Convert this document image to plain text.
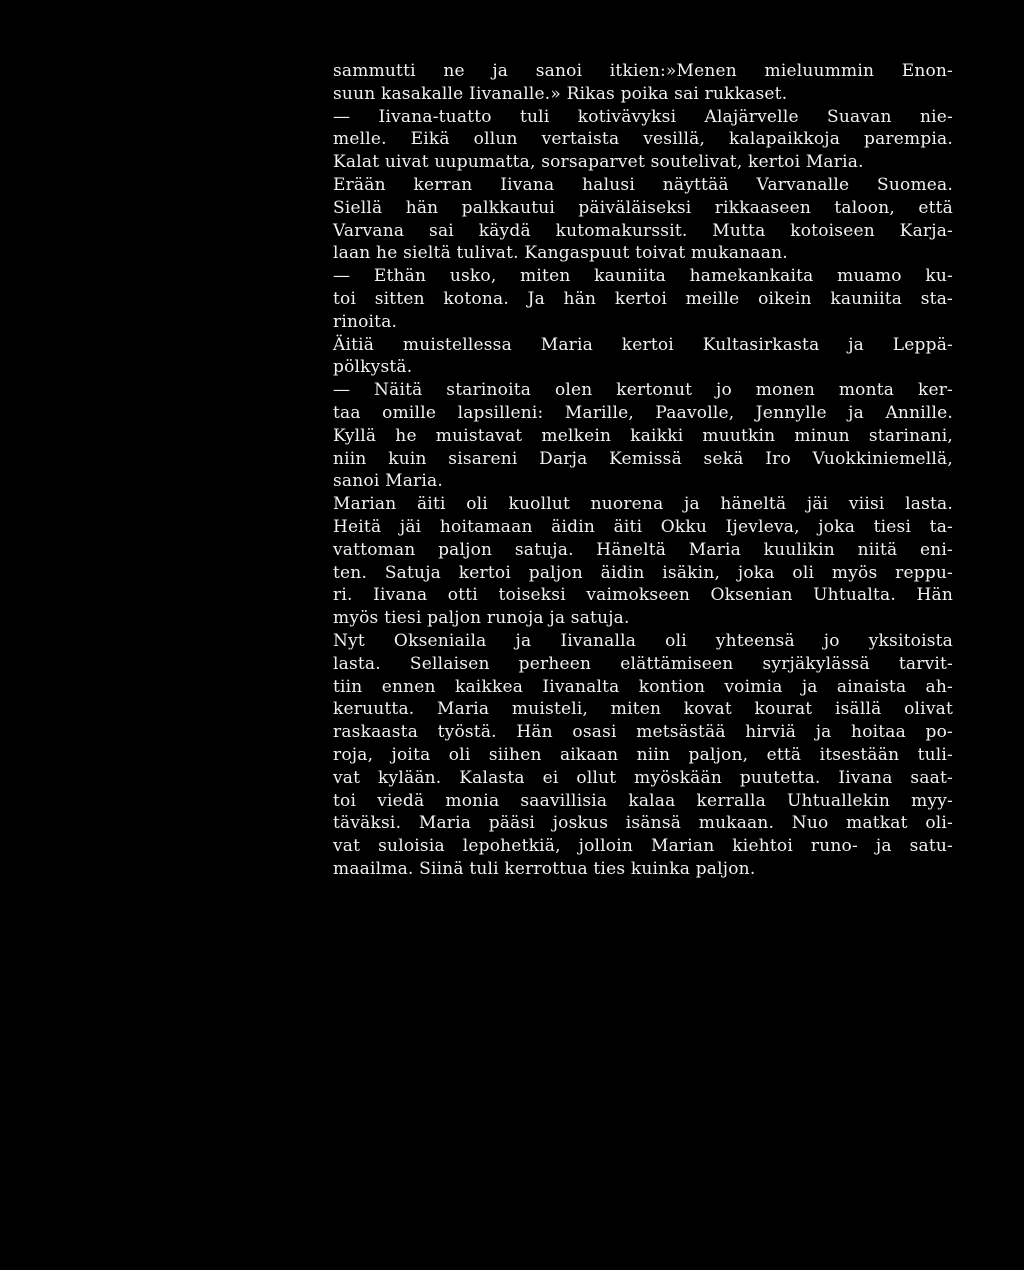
sammutti ne ja sanoi itkien:»Menen mieluummin Enon-
suun kasakalle Iivanalle.» Rikas poika sai rukkaset.
— Iivana-tuatto tuli kotivävyksi Alajärvelle Suavan nie-
melle. Eikä ollun vertaista vesillä, kalapaikkoja parempia.
Kalat uivat uupumatta, sorsaparvet soutelivat, kertoi Maria.
Erään kerran Iivana halusi näyttää Varvanalle Suomea.
Siellä hän palkkautui päiväläiseksi rikkaaseen taloon, että
Varvana sai käydä kutomakurssit. Mutta kotoiseen Karja-
laan he sieltä tulivat. Kangaspuut toivat mukanaan.
— Ethän usko, miten kauniita hamekankaita muamo ku-
toi sitten kotona. Ja hän kertoi meille oikein kauniita sta-
rinoita.
Äitiä muistellessa Maria kertoi Kultasirkasta ja Leppä-
pölkystä.
— Näitä starinoita olen kertonut jo monen monta ker-
taa omille lapsilleni: Marille, Paavolle, Jennylle ja Annille.
Kyllä he muistavat melkein kaikki muutkin minun starinani,
niin kuin sisareni Darja Kemissä sekä Iro Vuokkiniemellä,
sanoi Maria.
Marian äiti oli kuollut nuorena ja häneltä jäi viisi lasta.
Heitä jäi hoitamaan äidin äiti Okku Ijevleva, joka tiesi ta-
vattoman paljon satuja. Häneltä Maria kuulikin niitä eni-
ten. Satuja kertoi paljon äidin isäkin, joka oli myös reppu-
ri. Iivana otti toiseksi vaimokseen Oksenian Uhtualta. Hän
myös tiesi paljon runoja ja satuja.
Nyt Okseniaila ja Iivanalla oli yhteensä jo yksitoista
lasta. Sellaisen perheen elättämiseen syrjäkylässä tarvit-
tiin ennen kaikkea Iivanalta kontion voimia ja ainaista ah-
keruutta. Maria muisteli, miten kovat kourat isällä olivat
raskaasta työstä. Hän osasi metsästää hirviä ja hoitaa po-
roja, joita oli siihen aikaan niin paljon, että itsestään tuli-
vat kylään. Kalasta ei ollut myöskään puutetta. Iivana saat-
toi viedä monia saavillisia kalaa kerralla Uhtuallekin myy-
täväksi. Maria pääsi joskus isänsä mukaan. Nuo matkat oli-
vat suloisia lepohetkiä, jolloin Marian kiehtoi runo- ja satu-
maailma. Siinä tuli kerrottua ties kuinka paljon.
